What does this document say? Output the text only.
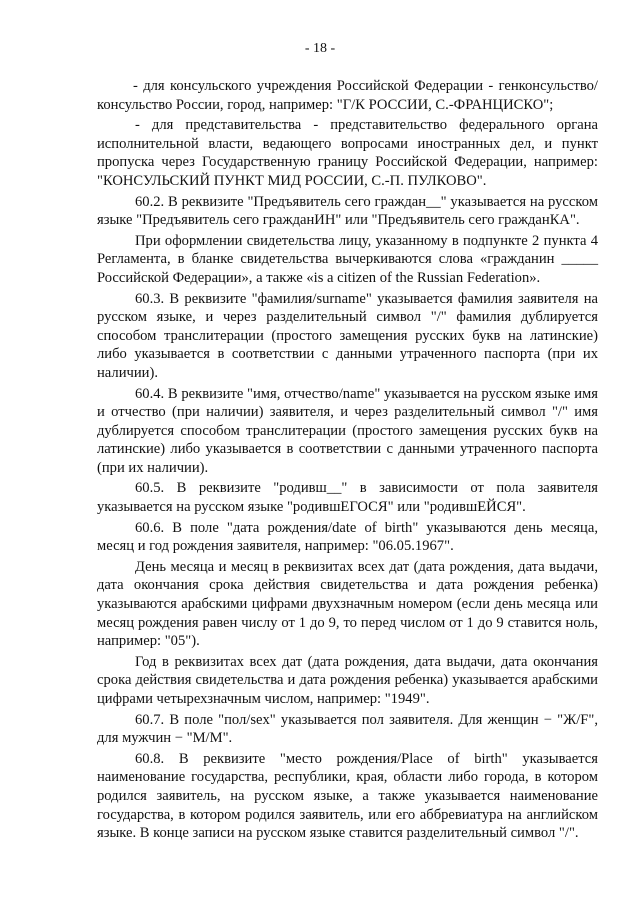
- 18 -

- для консульского учреждения Российской Федерации - генконсульство/консульство России, город, например: "Г/К РОССИИ, С.-ФРАНЦИСКО";

- для представительства - представительство федерального органа исполнительной власти, ведающего вопросами иностранных дел, и пункт пропуска через Государственную границу Российской Федерации, например: "КОНСУЛЬСКИЙ ПУНКТ МИД РОССИИ, С.-П. ПУЛКОВО".

60.2. В реквизите "Предъявитель сего граждан__" указывается на русском языке "Предъявитель сего гражданИН" или "Предъявитель сего гражданКА".

При оформлении свидетельства лицу, указанному в подпункте 2 пункта 4 Регламента, в бланке свидетельства вычеркиваются слова «гражданин _____ Российской Федерации», а также «is a citizen of the Russian Federation».

60.3. В реквизите "фамилия/surname" указывается фамилия заявителя на русском языке, и через разделительный символ "/" фамилия дублируется способом транслитерации (простого замещения русских букв на латинские) либо указывается в соответствии с данными утраченного паспорта (при их наличии).

60.4. В реквизите "имя, отчество/name" указывается на русском языке имя и отчество (при наличии) заявителя, и через разделительный символ "/" имя дублируется способом транслитерации (простого замещения русских букв на латинские) либо указывается в соответствии с данными утраченного паспорта (при их наличии).

60.5. В реквизите "родивш__" в зависимости от пола заявителя указывается на русском языке "родившЕГОСЯ" или "родившЕЙСЯ".

60.6. В поле "дата рождения/date of birth" указываются день месяца, месяц и год рождения заявителя, например: "06.05.1967".

День месяца и месяц в реквизитах всех дат (дата рождения, дата выдачи, дата окончания срока действия свидетельства и дата рождения ребенка) указываются арабскими цифрами двухзначным номером (если день месяца или месяц рождения равен числу от 1 до 9, то перед числом от 1 до 9 ставится ноль, например: "05").

Год в реквизитах всех дат (дата рождения, дата выдачи, дата окончания срока действия свидетельства и дата рождения ребенка) указывается арабскими цифрами четырехзначным числом, например: "1949".

60.7. В поле "пол/sex" указывается пол заявителя. Для женщин − "Ж/F", для мужчин − "М/М".

60.8. В реквизите "место рождения/Place of birth" указывается наименование государства, республики, края, области либо города, в котором родился заявитель, на русском языке, а также указывается наименование государства, в котором родился заявитель, или его аббревиатура на английском языке. В конце записи на русском языке ставится разделительный символ "/".
